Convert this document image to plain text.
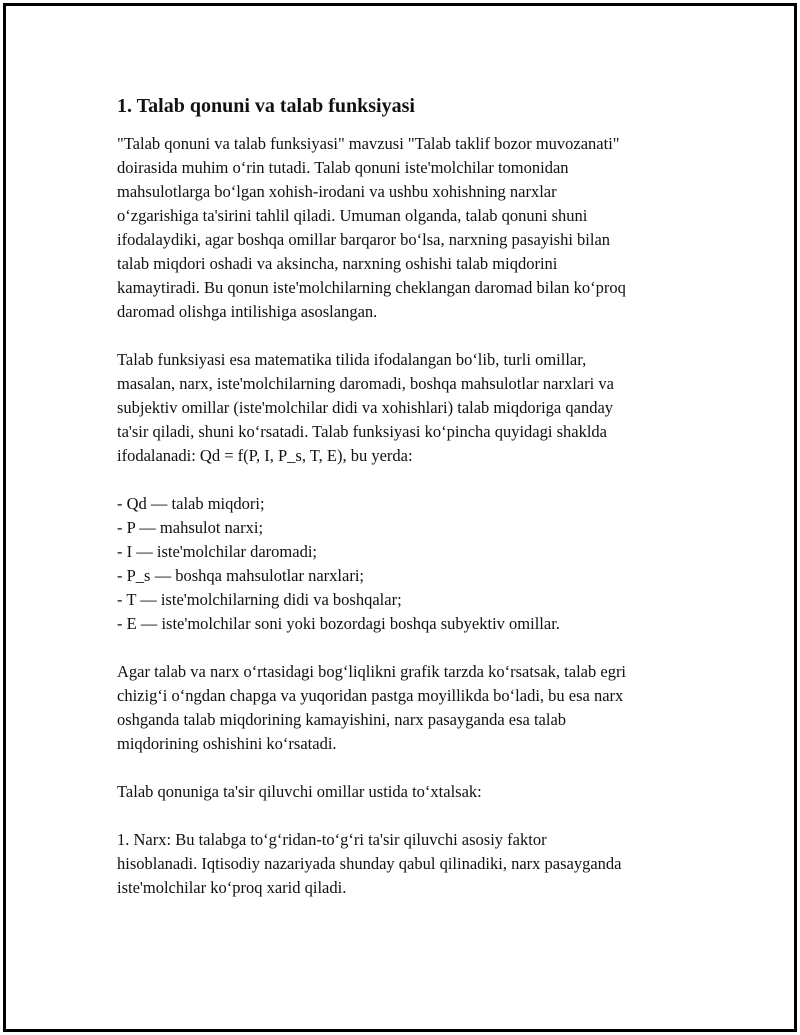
1. Talab qonuni va talab funksiyasi

"Talab qonuni va talab funksiyasi" mavzusi "Talab taklif bozor muvozanati"
doirasida muhim o‘rin tutadi. Talab qonuni iste'molchilar tomonidan
mahsulotlarga bo‘lgan xohish-irodani va ushbu xohishning narxlar
o‘zgarishiga ta'sirini tahlil qiladi. Umuman olganda, talab qonuni shuni
ifodalaydiki, agar boshqa omillar barqaror bo‘lsa, narxning pasayishi bilan
talab miqdori oshadi va aksincha, narxning oshishi talab miqdorini
kamaytiradi. Bu qonun iste'molchilarning cheklangan daromad bilan ko‘proq
daromad olishga intilishiga asoslangan.

Talab funksiyasi esa matematika tilida ifodalangan bo‘lib, turli omillar,
masalan, narx, iste'molchilarning daromadi, boshqa mahsulotlar narxlari va
subjektiv omillar (iste'molchilar didi va xohishlari) talab miqdoriga qanday
ta'sir qiladi, shuni ko‘rsatadi. Talab funksiyasi ko‘pincha quyidagi shaklda
ifodalanadi: Qd = f(P, I, P_s, T, E), bu yerda:

- Qd — talab miqdori;
- P — mahsulot narxi;
- I — iste'molchilar daromadi;
- P_s — boshqa mahsulotlar narxlari;
- T — iste'molchilarning didi va boshqalar;
- E — iste'molchilar soni yoki bozordagi boshqa subyektiv omillar.

Agar talab va narx o‘rtasidagi bog‘liqlikni grafik tarzda ko‘rsatsak, talab egri
chizig‘i o‘ngdan chapga va yuqoridan pastga moyillikda bo‘ladi, bu esa narx
oshganda talab miqdorining kamayishini, narx pasayganda esa talab
miqdorining oshishini ko‘rsatadi.

Talab qonuniga ta'sir qiluvchi omillar ustida to‘xtalsak:

1. Narx: Bu talabga to‘g‘ridan-to‘g‘ri ta'sir qiluvchi asosiy faktor
hisoblanadi. Iqtisodiy nazariyada shunday qabul qilinadiki, narx pasayganda
iste'molchilar ko‘proq xarid qiladi.
